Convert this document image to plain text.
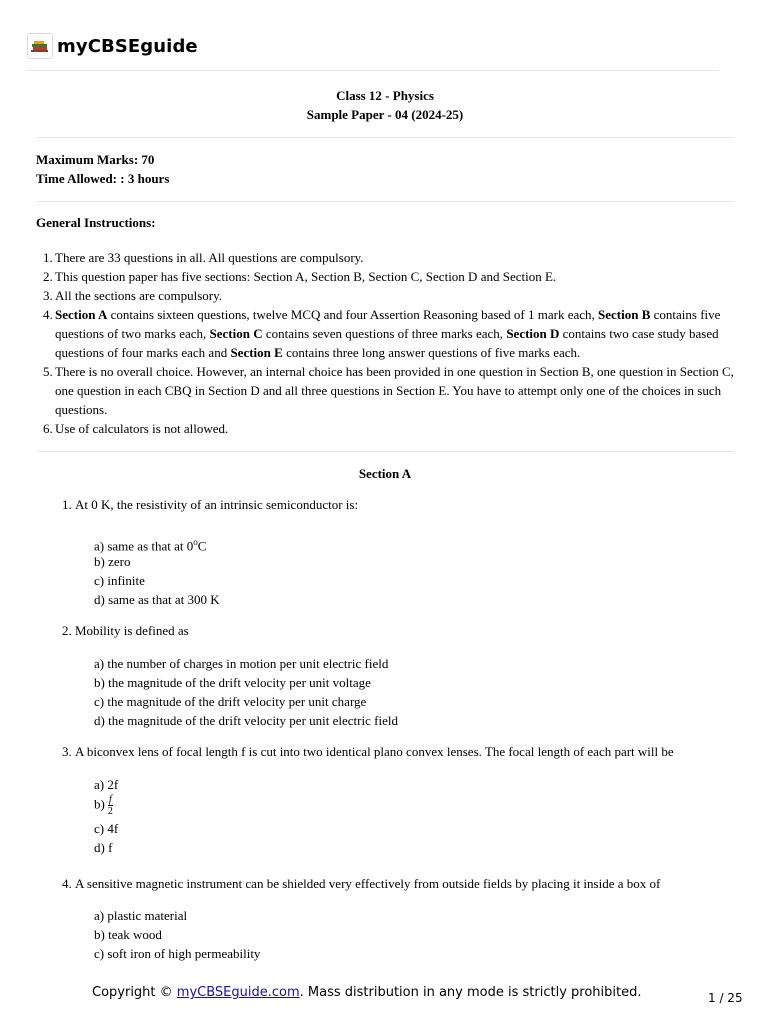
myCBSEguide
Class 12 - Physics
Sample Paper - 04 (2024-25)
Maximum Marks: 70
Time Allowed: : 3 hours
General Instructions:
1. There are 33 questions in all. All questions are compulsory.
2. This question paper has five sections: Section A, Section B, Section C, Section D and Section E.
3. All the sections are compulsory.
4. Section A contains sixteen questions, twelve MCQ and four Assertion Reasoning based of 1 mark each, Section B contains five questions of two marks each, Section C contains seven questions of three marks each, Section D contains two case study based questions of four marks each and Section E contains three long answer questions of five marks each.
5. There is no overall choice. However, an internal choice has been provided in one question in Section B, one question in Section C, one question in each CBQ in Section D and all three questions in Section E. You have to attempt only one of the choices in such questions.
6. Use of calculators is not allowed.
Section A
1. At 0 K, the resistivity of an intrinsic semiconductor is:
a) same as that at 0$^o$C
b) zero
c) infinite
d) same as that at 300 K
2. Mobility is defined as
a) the number of charges in motion per unit electric field
b) the magnitude of the drift velocity per unit voltage
c) the magnitude of the drift velocity per unit charge
d) the magnitude of the drift velocity per unit electric field
3. A biconvex lens of focal length f is cut into two identical plano convex lenses. The focal length of each part will be
a) 2f
$b) \frac{f}{2}$
c) 4f
d) f
4. A sensitive magnetic instrument can be shielded very effectively from outside fields by placing it inside a box of
a) plastic material
b) teak wood
c) soft iron of high permeability
Copyright © myCBSEguide.com. Mass distribution in any mode is strictly prohibited.	1 / 25
